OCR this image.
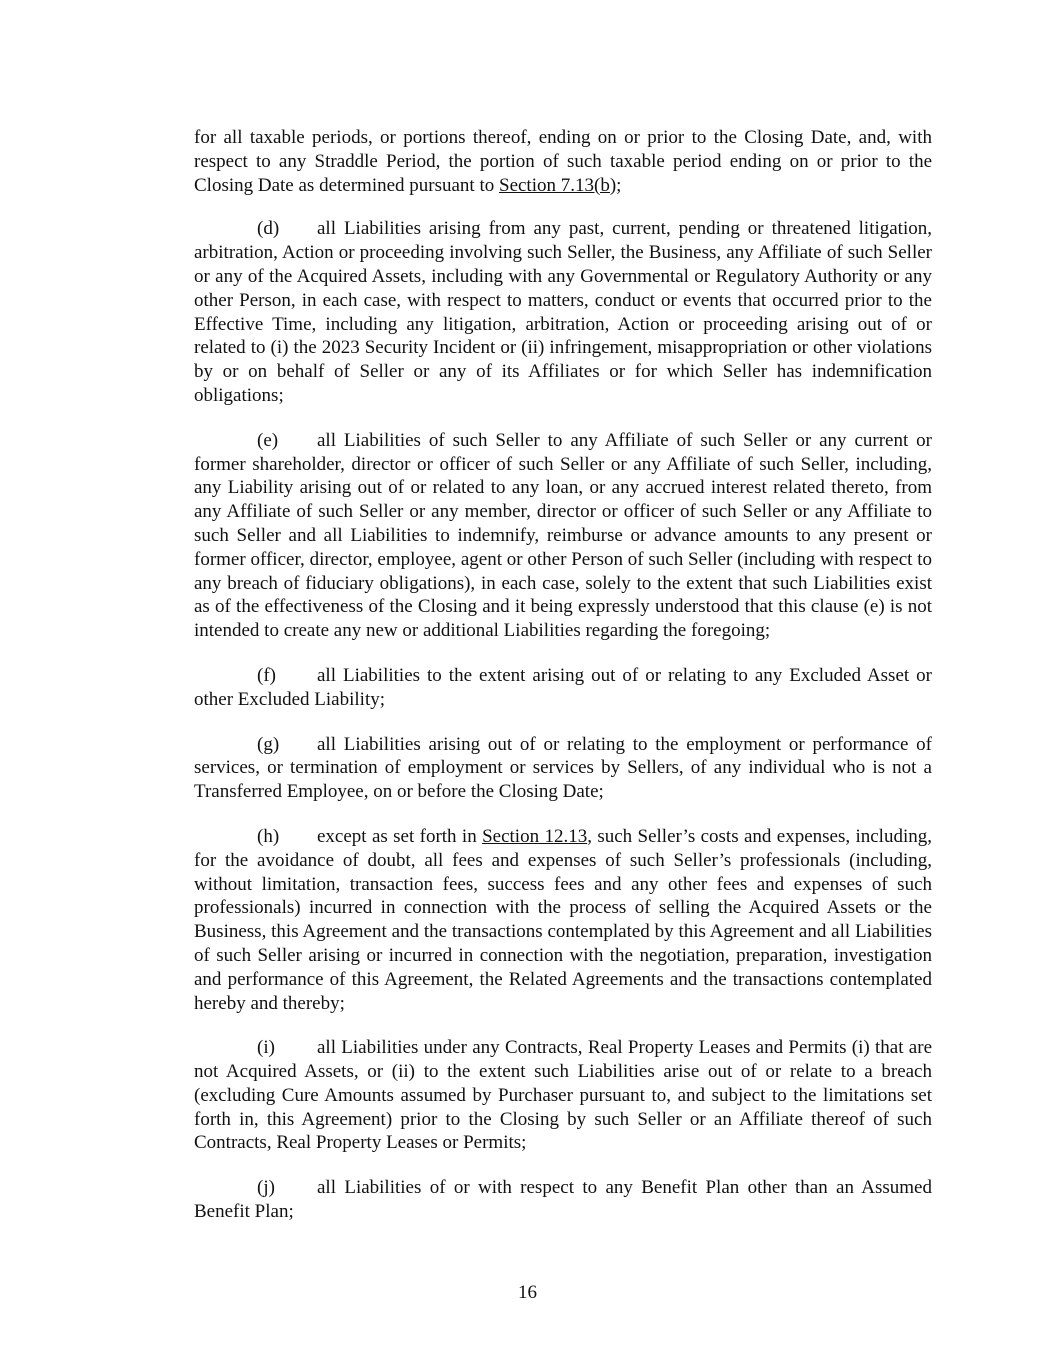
for all taxable periods, or portions thereof, ending on or prior to the Closing Date, and, with respect to any Straddle Period, the portion of such taxable period ending on or prior to the Closing Date as determined pursuant to Section 7.13(b);

(d) all Liabilities arising from any past, current, pending or threatened litigation, arbitration, Action or proceeding involving such Seller, the Business, any Affiliate of such Seller or any of the Acquired Assets, including with any Governmental or Regulatory Authority or any other Person, in each case, with respect to matters, conduct or events that occurred prior to the Effective Time, including any litigation, arbitration, Action or proceeding arising out of or related to (i) the 2023 Security Incident or (ii) infringement, misappropriation or other violations by or on behalf of Seller or any of its Affiliates or for which Seller has indemnification obligations;

(e) all Liabilities of such Seller to any Affiliate of such Seller or any current or former shareholder, director or officer of such Seller or any Affiliate of such Seller, including, any Liability arising out of or related to any loan, or any accrued interest related thereto, from any Affiliate of such Seller or any member, director or officer of such Seller or any Affiliate to such Seller and all Liabilities to indemnify, reimburse or advance amounts to any present or former officer, director, employee, agent or other Person of such Seller (including with respect to any breach of fiduciary obligations), in each case, solely to the extent that such Liabilities exist as of the effectiveness of the Closing and it being expressly understood that this clause (e) is not intended to create any new or additional Liabilities regarding the foregoing;

(f) all Liabilities to the extent arising out of or relating to any Excluded Asset or other Excluded Liability;

(g) all Liabilities arising out of or relating to the employment or performance of services, or termination of employment or services by Sellers, of any individual who is not a Transferred Employee, on or before the Closing Date;

(h) except as set forth in Section 12.13, such Seller’s costs and expenses, including, for the avoidance of doubt, all fees and expenses of such Seller’s professionals (including, without limitation, transaction fees, success fees and any other fees and expenses of such professionals) incurred in connection with the process of selling the Acquired Assets or the Business, this Agreement and the transactions contemplated by this Agreement and all Liabilities of such Seller arising or incurred in connection with the negotiation, preparation, investigation and performance of this Agreement, the Related Agreements and the transactions contemplated hereby and thereby;

(i) all Liabilities under any Contracts, Real Property Leases and Permits (i) that are not Acquired Assets, or (ii) to the extent such Liabilities arise out of or relate to a breach (excluding Cure Amounts assumed by Purchaser pursuant to, and subject to the limitations set forth in, this Agreement) prior to the Closing by such Seller or an Affiliate thereof of such Contracts, Real Property Leases or Permits;

(j) all Liabilities of or with respect to any Benefit Plan other than an Assumed Benefit Plan;

16
